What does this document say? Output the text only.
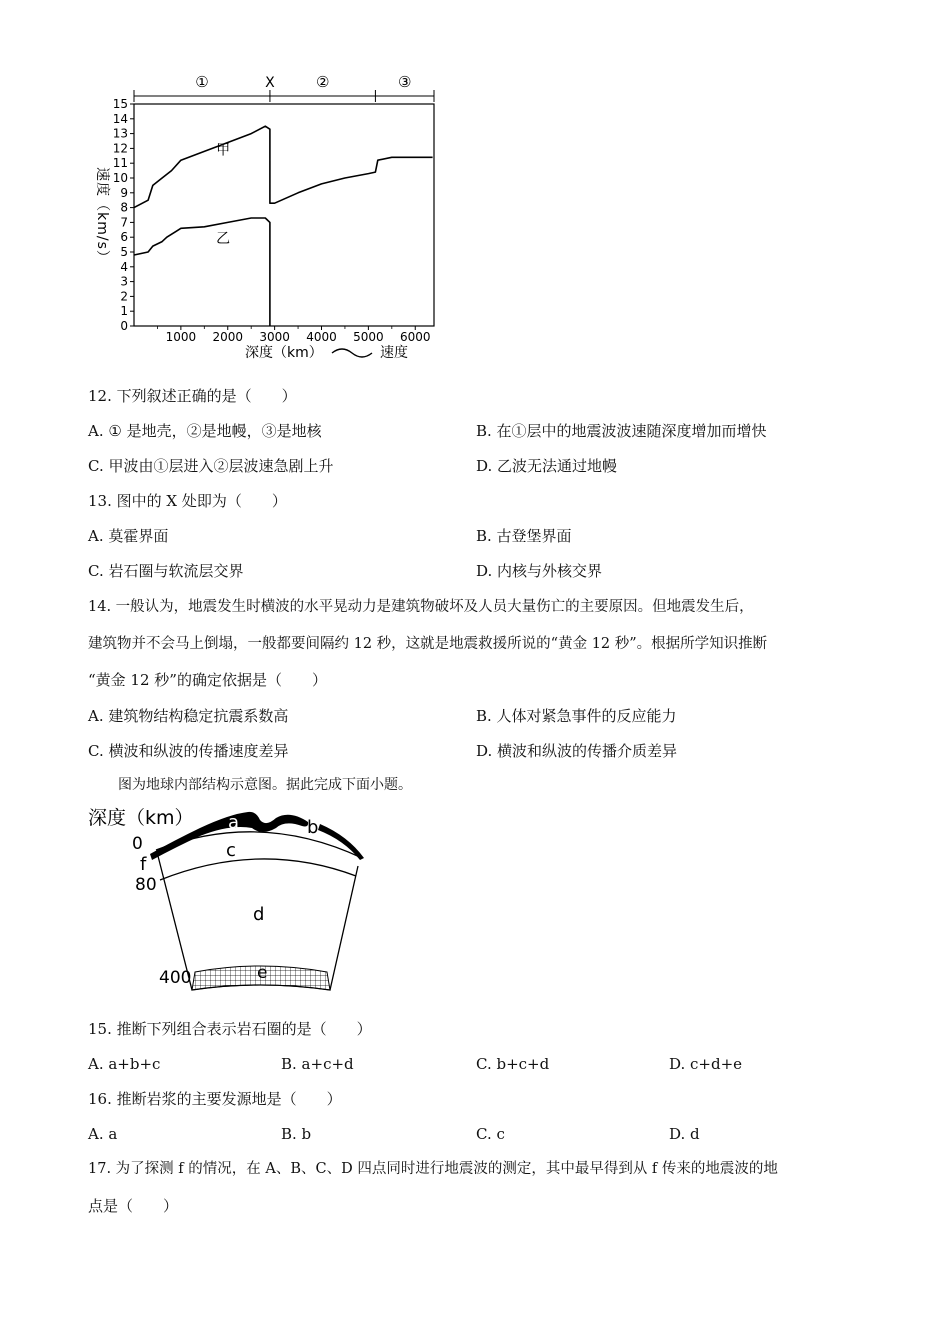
0
1
2
3
4
5
6
7
8
9
10
11
12
13
14
15
1000 2000 3000 4000 5000 6000
①	X	②	③
速度（km/s）
深度（km）	速度
甲
乙
12. 下列叙述正确的是（　　）
A. ① 是地壳，②是地幔，③是地核	B. 在①层中的地震波波速随深度增加而增快
C. 甲波由①层进入②层波速急剧上升	D. 乙波无法通过地幔
13. 图中的 X 处即为（　　）
A. 莫霍界面	B. 古登堡界面
C. 岩石圈与软流层交界	D. 内核与外核交界
14. 一般认为，地震发生时横波的水平晃动力是建筑物破坏及人员大量伤亡的主要原因。但地震发生后，
建筑物并不会马上倒塌，一般都要间隔约 12 秒，这就是地震救援所说的“黄金 12 秒”。根据所学知识推断
“黄金 12 秒”的确定依据是（　　）
A. 建筑物结构稳定抗震系数高	B. 人体对紧急事件的反应能力
C. 横波和纵波的传播速度差异	D. 横波和纵波的传播介质差异
图为地球内部结构示意图。据此完成下面小题。
深度（km） a	b
c
d
e
f
0
80
400
15. 推断下列组合表示岩石圈的是（　　）
A. a+b+c	B. a+c+d	C. b+c+d	D. c+d+e
16. 推断岩浆的主要发源地是（　　）
A. a	B. b	C. c	D. d
17. 为了探测 f 的情况，在 A、B、C、D 四点同时进行地震波的测定，其中最早得到从 f 传来的地震波的地
点是（　　）
